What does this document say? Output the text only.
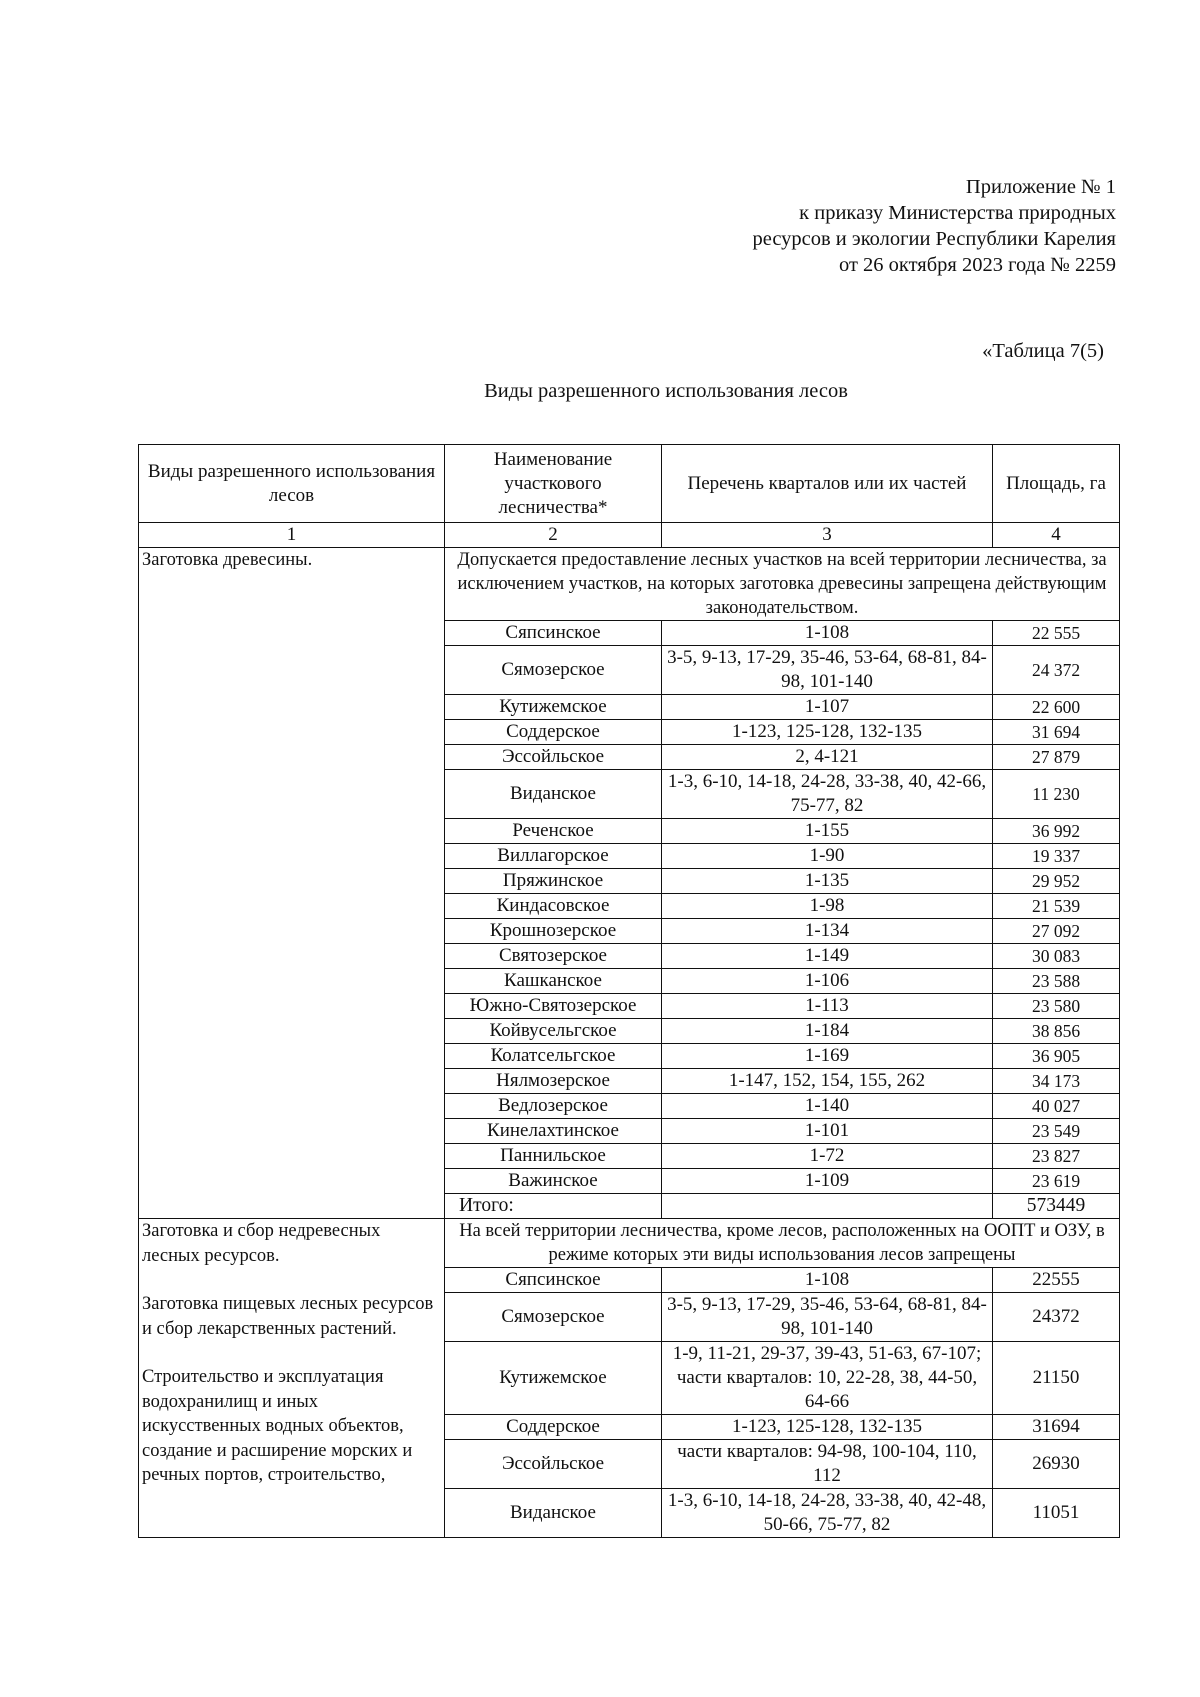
Приложение № 1
к приказу Министерства природных
ресурсов и экологии Республики Карелия
от 26 октября 2023 года № 2259
«Таблица 7(5)
Виды разрешенного использования лесов
Виды разрешенного использования лесов	Наименование участкового лесничества*	Перечень кварталов или их частей	Площадь, га
1	2	3	4
Заготовка древесины.	Допускается предоставление лесных участков на всей территории лесничества, за исключением участков, на которых заготовка древесины запрещена действующим законодательством.		
	Сяпсинское	1-108	22 555
	Сямозерское	3-5, 9-13, 17-29, 35-46, 53-64, 68-81, 84-98, 101-140	24 372
	Кутижемское	1-107	22 600
	Соддерское	1-123, 125-128, 132-135	31 694
	Эссойльское	2, 4-121	27 879
	Виданское	1-3, 6-10, 14-18, 24-28, 33-38, 40, 42-66, 75-77, 82	11 230
	Реченское	1-155	36 992
	Виллагорское	1-90	19 337
	Пряжинское	1-135	29 952
	Киндасовское	1-98	21 539
	Крошнозерское	1-134	27 092
	Святозерское	1-149	30 083
	Кашканское	1-106	23 588
	Южно-Святозерское	1-113	23 580
	Койвусельгское	1-184	38 856
	Колатсельгское	1-169	36 905
	Нялмозерское	1-147, 152, 154, 155, 262	34 173
	Ведлозерское	1-140	40 027
	Кинелахтинское	1-101	23 549
	Паннильское	1-72	23 827
	Важинское	1-109	23 619
	Итого:		573449

Заготовка и сбор недревесных лесных ресурсов.

Заготовка пищевых лесных ресурсов и сбор лекарственных растений.

Строительство и эксплуатация водохранилищ и иных искусственных водных объектов, создание и расширение морских и речных портов, строительство,	На всей территории лесничества, кроме лесов, расположенных на ООПТ и ОЗУ, в режиме которых эти виды использования лесов запрещены		
	Сяпсинское	1-108	22555
	Сямозерское	3-5, 9-13, 17-29, 35-46, 53-64, 68-81, 84-98, 101-140	24372
	Кутижемское	1-9, 11-21, 29-37, 39-43, 51-63, 67-107; части кварталов: 10, 22-28, 38, 44-50, 64-66	21150
	Соддерское	1-123, 125-128, 132-135	31694
	Эссойльское	части кварталов: 94-98, 100-104, 110, 112	26930
	Виданское	1-3, 6-10, 14-18, 24-28, 33-38, 40, 42-48, 50-66, 75-77, 82	11051
